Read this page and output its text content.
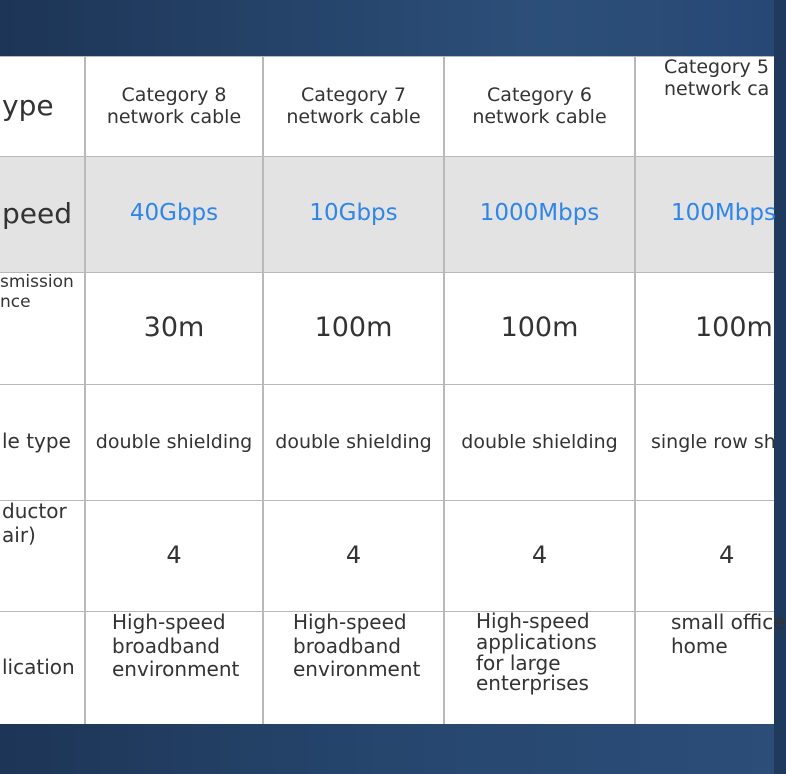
ype
peed
smission
nce
le type
ductor
air)
lication
Category 8
network cable
40Gbps
30m
double shielding
4
High-speed
broadband
environment
Category 7
network cable
10Gbps
100m
double shielding
4
High-speed
broadband
environment
Category 6
network cable
1000Mbps
100m
double shielding
4
High-speed
applications
for large
enterprises
Category 5
network ca
100Mbps
100m
single row sh
4
small office
home
